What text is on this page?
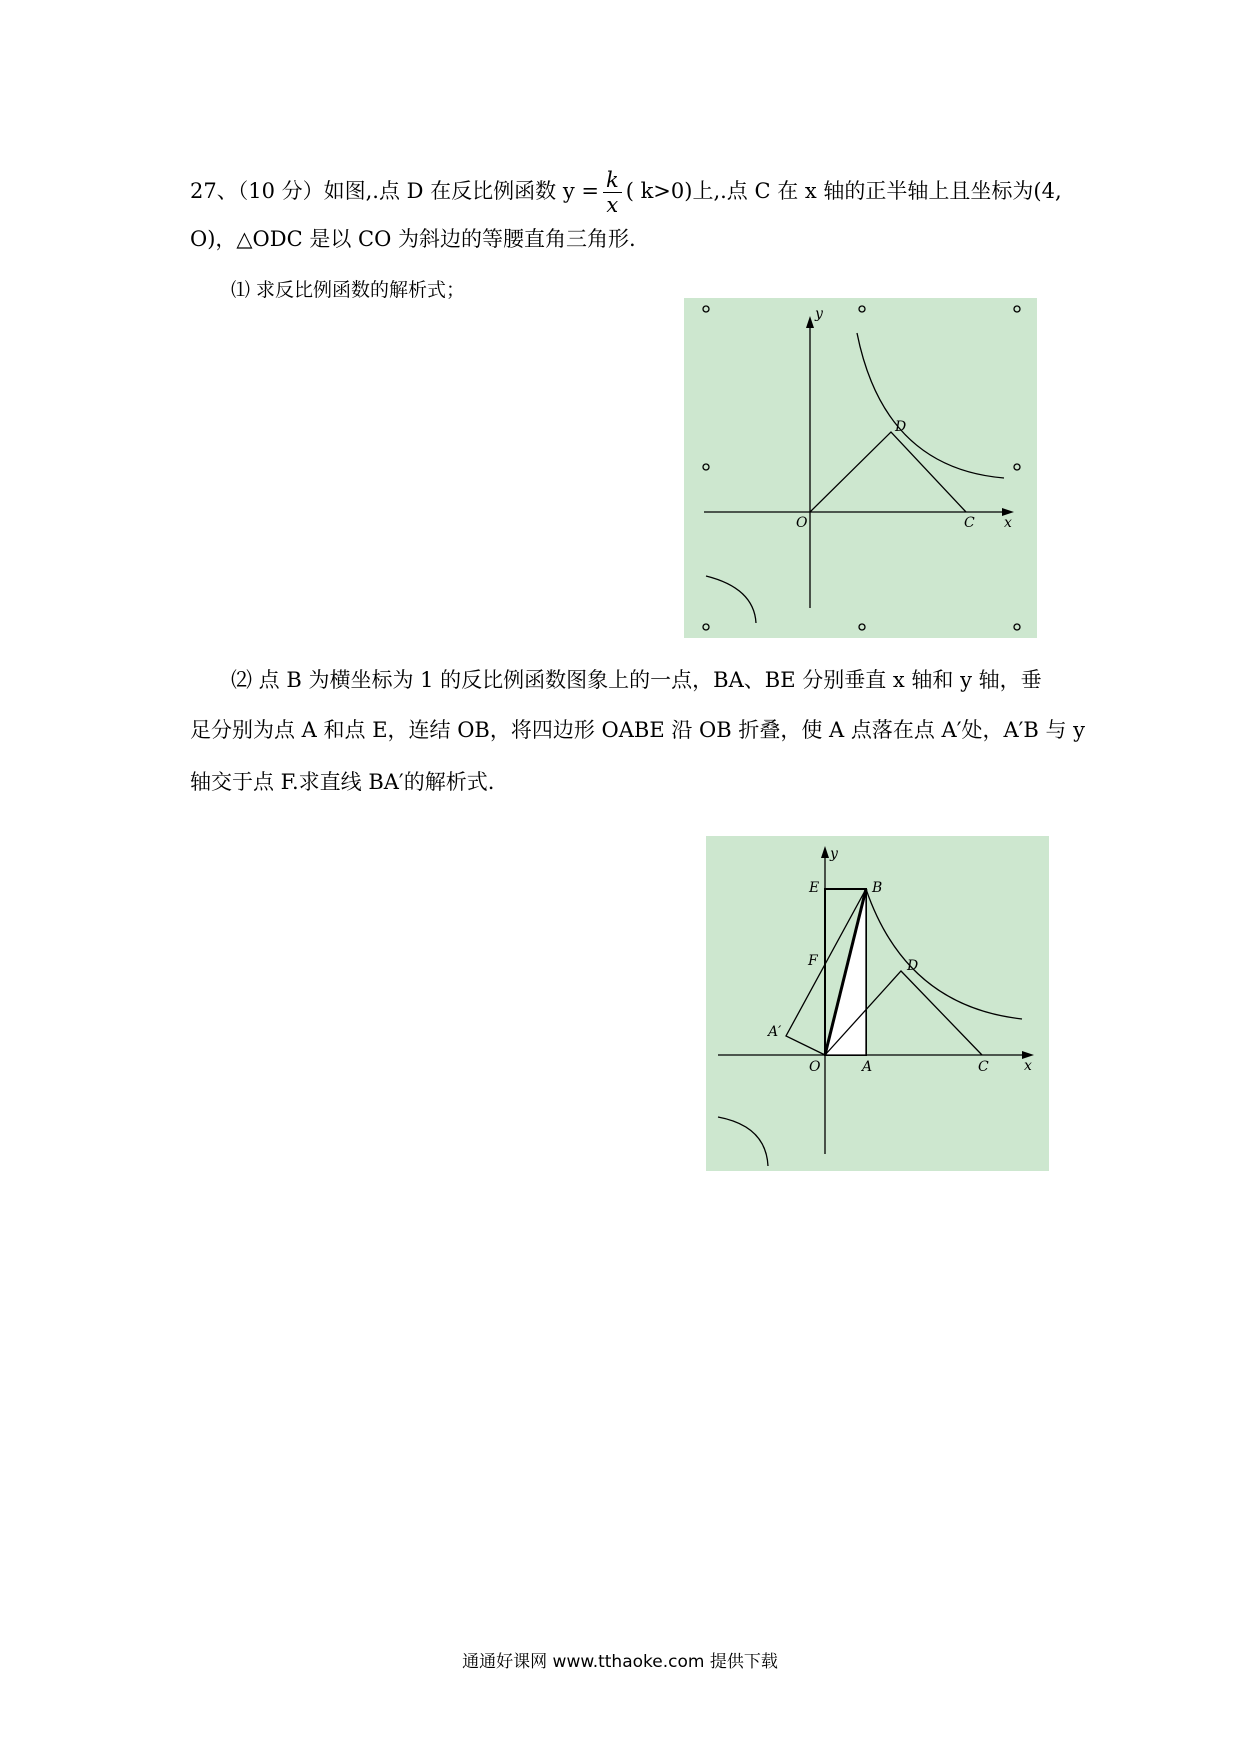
27、（10 分）如图,.点 D 在反比例函数 $y = \frac{k}{x}$ ( k>0)上,.点 C 在 x 轴的正半轴上且坐标为(4,
O)，△ODC 是以 CO 为斜边的等腰直角三角形.
⑴ 求反比例函数的解析式；
⑵ 点 B 为横坐标为 1 的反比例函数图象上的一点，BA、BE 分别垂直 x 轴和 y 轴，垂
足分别为点 A 和点 E，连结 OB，将四边形 OABE 沿 OB 折叠，使 A 点落在点 A′处，A′B 与 y
轴交于点 F.求直线 BA′的解析式.
y
x
O	C
D
y
x
O	A	C
D
B
E
F
A′
通通好课网 www.tthaoke.com 提供下载
